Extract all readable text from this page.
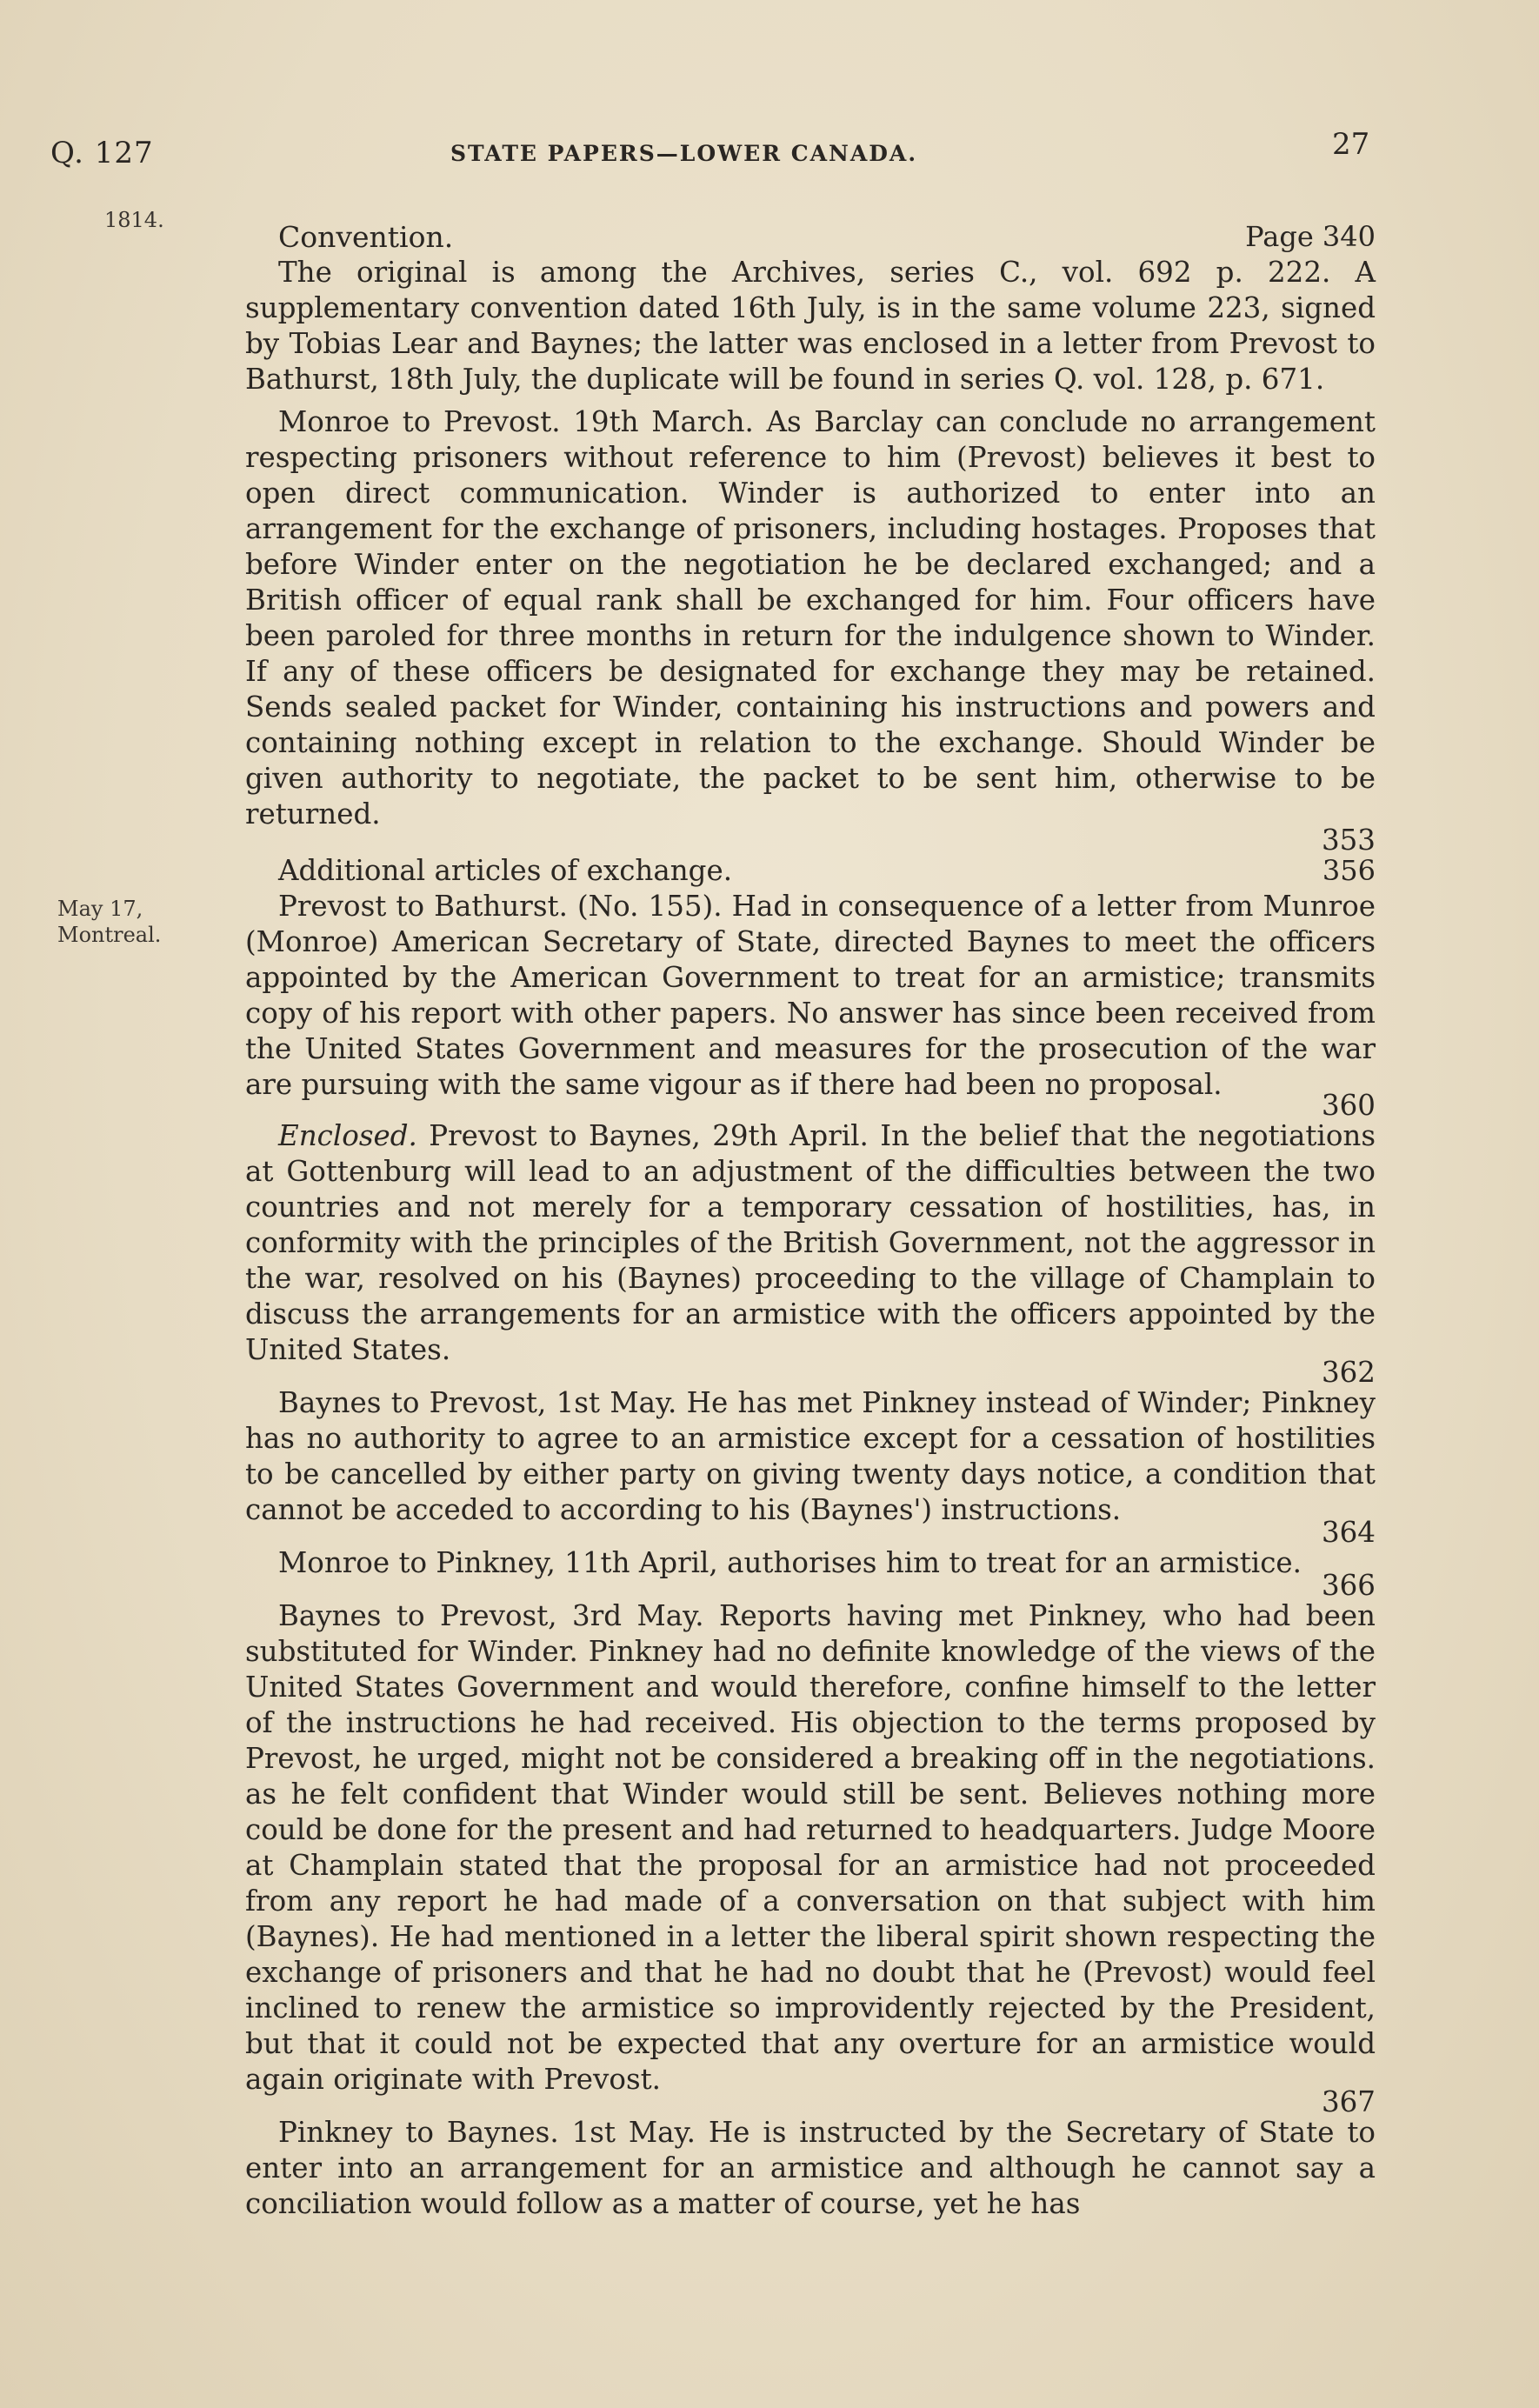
Q. 127	STATE PAPERS—LOWER CANADA.	27
1814.
May 17,
Montreal.

Page 340
Convention.

The original is among the Archives, series C., vol. 692 p. 222. A supplementary convention dated 16th July, is in the same volume 223, signed by Tobias Lear and Baynes; the latter was enclosed in a letter from Prevost to Bathurst, 18th July, the duplicate will be found in series Q. vol. 128, p. 671.

Monroe to Prevost. 19th March. As Barclay can conclude no arrangement respecting prisoners without reference to him (Prevost) believes it best to open direct communication. Winder is authorized to enter into an arrangement for the exchange of prisoners, including hostages. Proposes that before Winder enter on the negotiation he be declared exchanged; and a British officer of equal rank shall be exchanged for him. Four officers have been paroled for three months in return for the indulgence shown to Winder. If any of these officers be designated for exchange they may be retained. Sends sealed packet for Winder, containing his instructions and powers and containing nothing except in relation to the exchange. Should Winder be given authority to negotiate, the packet to be sent him, otherwise to be returned.

353

356
Additional articles of exchange.

Prevost to Bathurst. (No. 155). Had in consequence of a letter from Munroe (Monroe) American Secretary of State, directed Baynes to meet the officers appointed by the American Government to treat for an armistice; transmits copy of his report with other papers. No answer has since been received from the United States Government and measures for the prosecution of the war are pursuing with the same vigour as if there had been no proposal.

360

Enclosed. Prevost to Baynes, 29th April. In the belief that the negotiations at Gottenburg will lead to an adjustment of the difficulties between the two countries and not merely for a temporary cessation of hostilities, has, in conformity with the principles of the British Government, not the aggressor in the war, resolved on his (Baynes) proceeding to the village of Champlain to discuss the arrangements for an armistice with the officers appointed by the United States.

362

Baynes to Prevost, 1st May. He has met Pinkney instead of Winder; Pinkney has no authority to agree to an armistice except for a cessation of hostilities to be cancelled by either party on giving twenty days notice, a condition that cannot be acceded to according to his (Baynes') instructions.

364

Monroe to Pinkney, 11th April, authorises him to treat for an armistice.

366

Baynes to Prevost, 3rd May. Reports having met Pinkney, who had been substituted for Winder. Pinkney had no definite knowledge of the views of the United States Government and would therefore, confine himself to the letter of the instructions he had received. His objection to the terms proposed by Prevost, he urged, might not be considered a breaking off in the negotiations. as he felt confident that Winder would still be sent. Believes nothing more could be done for the present and had returned to headquarters. Judge Moore at Champlain stated that the proposal for an armistice had not proceeded from any report he had made of a conversation on that subject with him (Baynes). He had mentioned in a letter the liberal spirit shown respecting the exchange of prisoners and that he had no doubt that he (Prevost) would feel inclined to renew the armistice so improvidently rejected by the President, but that it could not be expected that any overture for an armistice would again originate with Prevost.

367

Pinkney to Baynes. 1st May. He is instructed by the Secretary of State to enter into an arrangement for an armistice and although he cannot say a conciliation would follow as a matter of course, yet he has
